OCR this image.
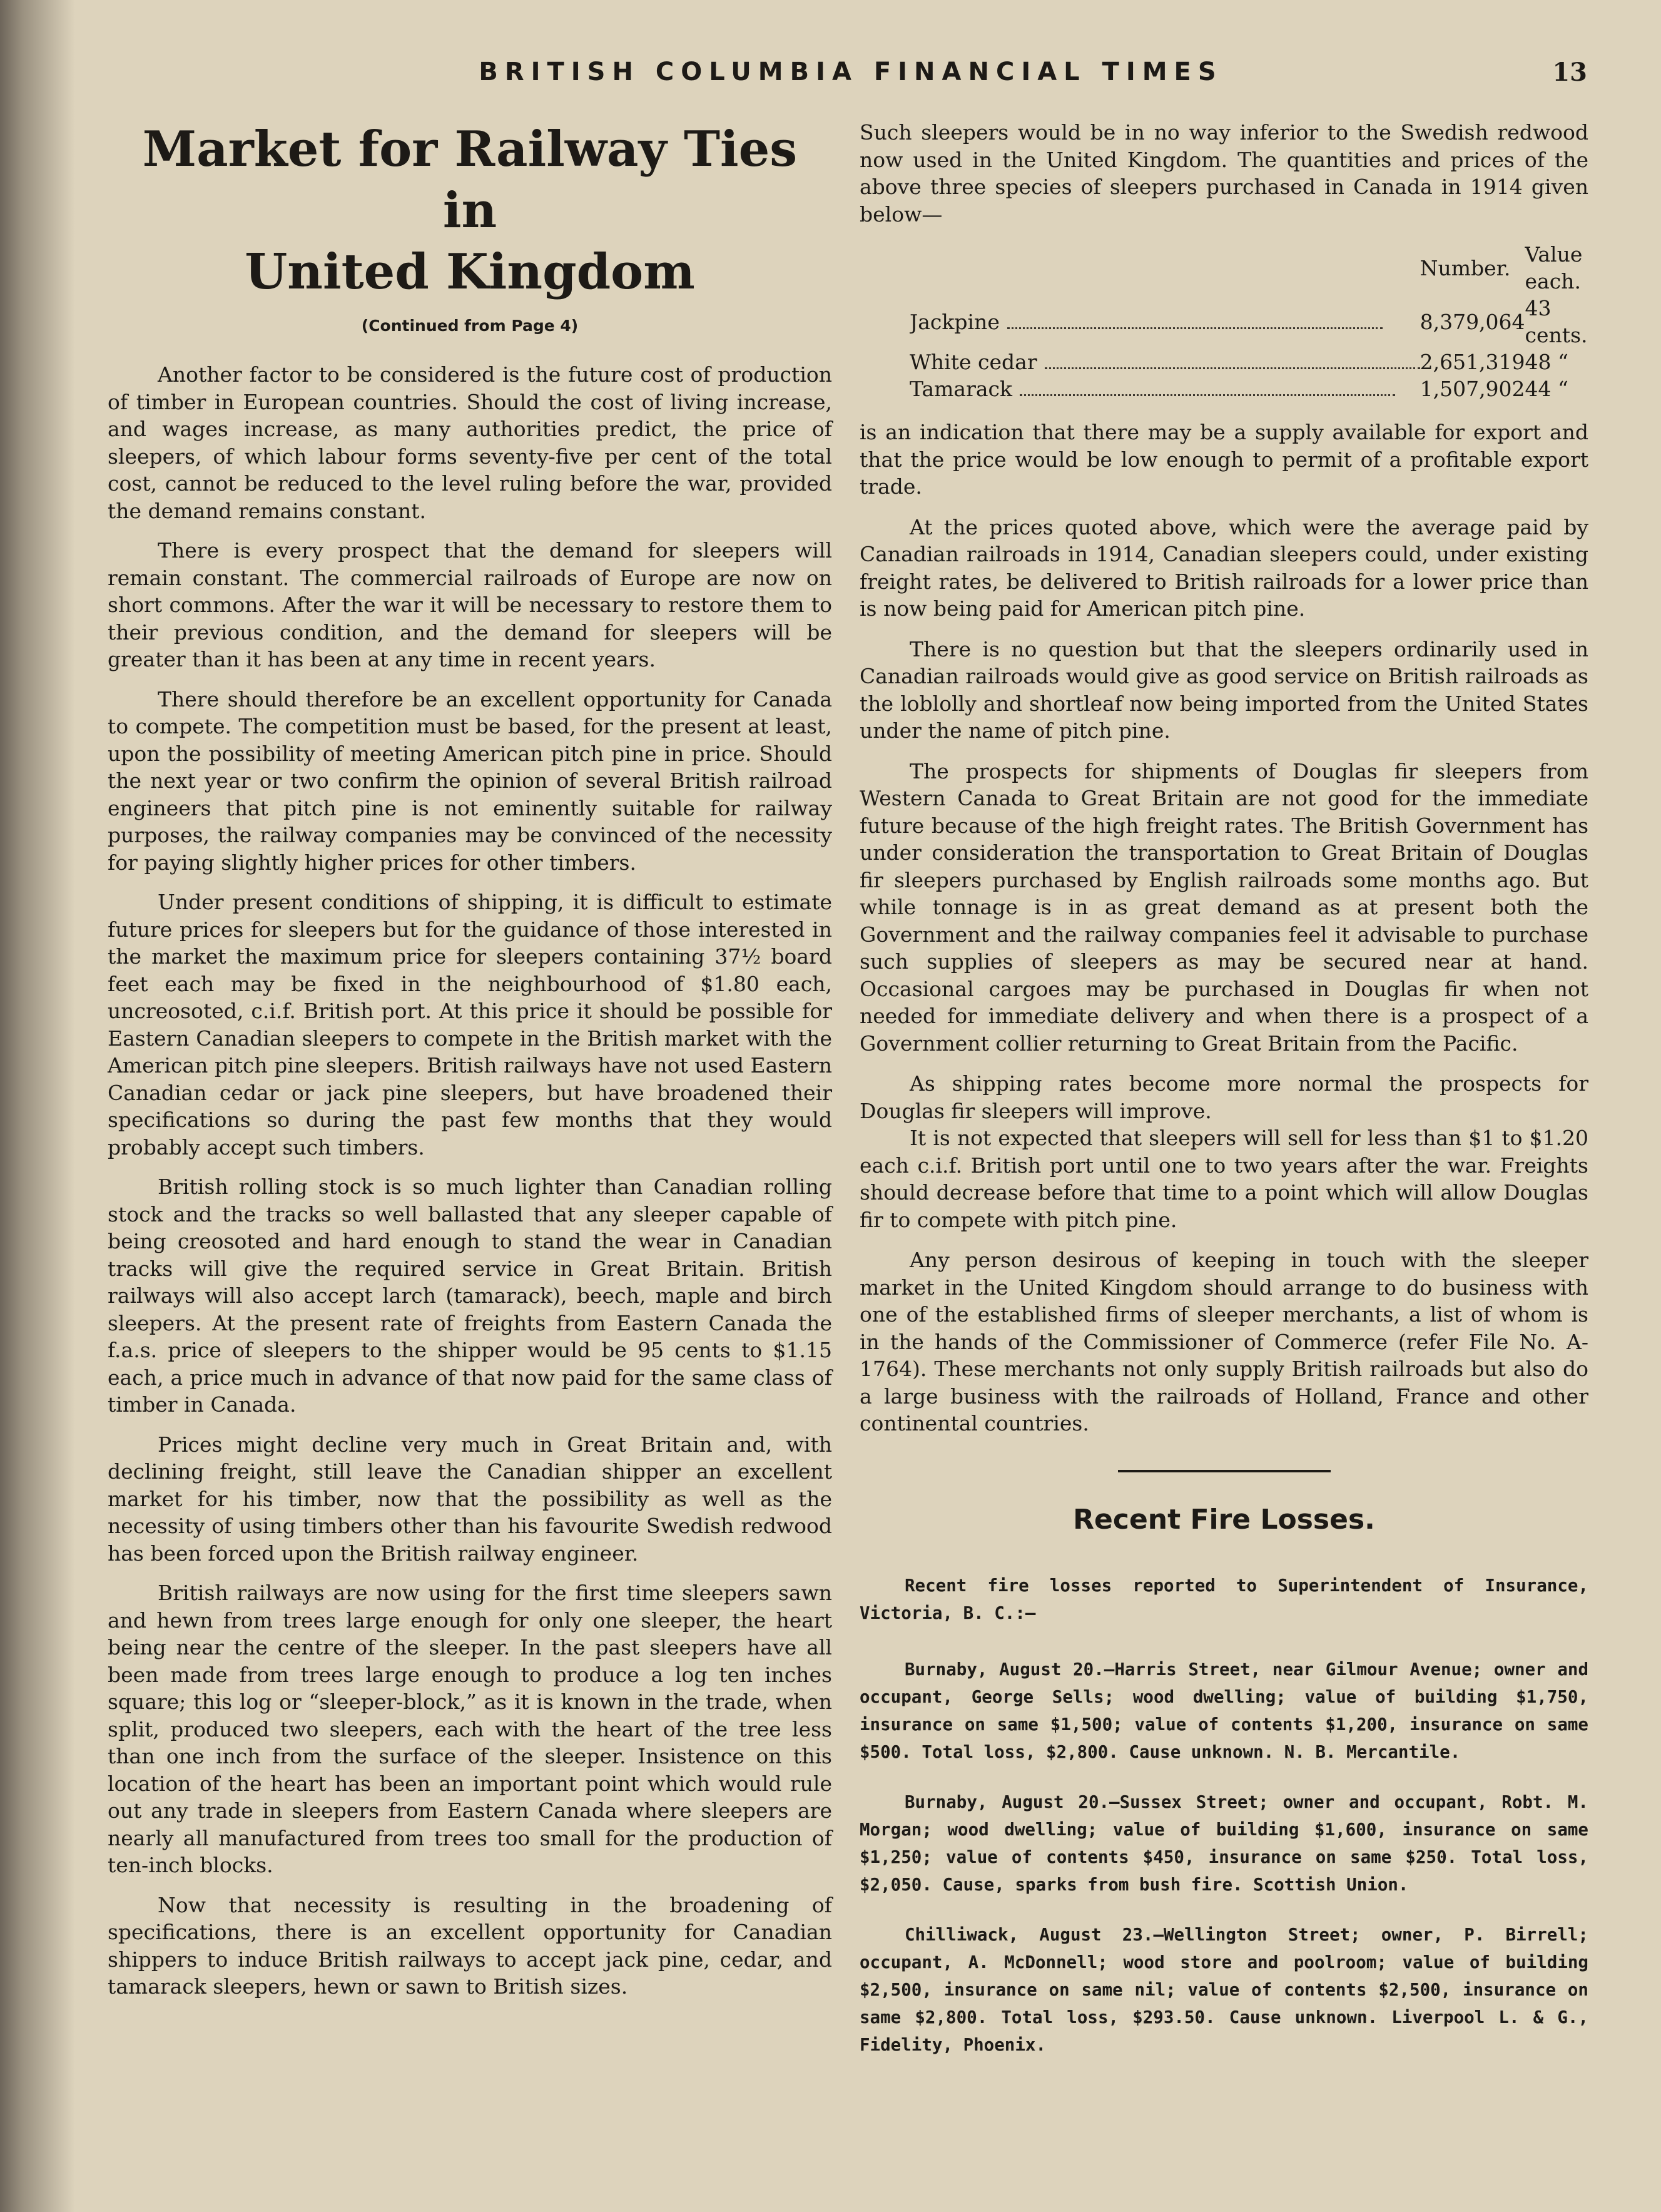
BRITISH COLUMBIA FINANCIAL TIMES	13
Market for Railway Ties in
United Kingdom
(Continued from Page 4)

Another factor to be considered is the future cost of production of timber in European countries. Should the cost of living increase, and wages increase, as many authorities predict, the price of sleepers, of which labour forms seventy-five per cent of the total cost, cannot be reduced to the level ruling before the war, provided the demand remains constant.

There is every prospect that the demand for sleepers will remain constant. The commercial railroads of Europe are now on short commons. After the war it will be necessary to restore them to their previous condition, and the demand for sleepers will be greater than it has been at any time in recent years.

There should therefore be an excellent opportunity for Canada to compete. The competition must be based, for the present at least, upon the possibility of meeting American pitch pine in price. Should the next year or two confirm the opinion of several British railroad engineers that pitch pine is not eminently suitable for railway purposes, the railway companies may be convinced of the necessity for paying slightly higher prices for other timbers.

Under present conditions of shipping, it is difficult to estimate future prices for sleepers but for the guidance of those interested in the market the maximum price for sleepers containing 37½ board feet each may be fixed in the neighbourhood of $1.80 each, uncreosoted, c.i.f. British port. At this price it should be possible for Eastern Canadian sleepers to compete in the British market with the American pitch pine sleepers. British railways have not used Eastern Canadian cedar or jack pine sleepers, but have broadened their specifications so during the past few months that they would probably accept such timbers.

British rolling stock is so much lighter than Canadian rolling stock and the tracks so well ballasted that any sleeper capable of being creosoted and hard enough to stand the wear in Canadian tracks will give the required service in Great Britain. British railways will also accept larch (tamarack), beech, maple and birch sleepers. At the present rate of freights from Eastern Canada the f.a.s. price of sleepers to the shipper would be 95 cents to $1.15 each, a price much in advance of that now paid for the same class of timber in Canada.

Prices might decline very much in Great Britain and, with declining freight, still leave the Canadian shipper an excellent market for his timber, now that the possibility as well as the necessity of using timbers other than his favourite Swedish redwood has been forced upon the British railway engineer.

British railways are now using for the first time sleepers sawn and hewn from trees large enough for only one sleeper, the heart being near the centre of the sleeper. In the past sleepers have all been made from trees large enough to produce a log ten inches square; this log or “sleeper-block,” as it is known in the trade, when split, produced two sleepers, each with the heart of the tree less than one inch from the surface of the sleeper. Insistence on this location of the heart has been an important point which would rule out any trade in sleepers from Eastern Canada where sleepers are nearly all manufactured from trees too small for the production of ten-inch blocks.

Now that necessity is resulting in the broadening of specifications, there is an excellent opportunity for Canadian shippers to induce British railways to accept jack pine, cedar, and tamarack sleepers, hewn or sawn to British sizes.

Such sleepers would be in no way inferior to the Swedish redwood now used in the United Kingdom. The quantities and prices of the above three species of sleepers purchased in Canada in 1914 given below—

	Number.	Value each.
Jackpine	8,379,064	43 cents.
White cedar	2,651,319	48 “
Tamarack	1,507,902	44 “

is an indication that there may be a supply available for export and that the price would be low enough to permit of a profitable export trade.

At the prices quoted above, which were the average paid by Canadian railroads in 1914, Canadian sleepers could, under existing freight rates, be delivered to British railroads for a lower price than is now being paid for American pitch pine.

There is no question but that the sleepers ordinarily used in Canadian railroads would give as good service on British railroads as the loblolly and shortleaf now being imported from the United States under the name of pitch pine.

The prospects for shipments of Douglas fir sleepers from Western Canada to Great Britain are not good for the immediate future because of the high freight rates. The British Government has under consideration the transportation to Great Britain of Douglas fir sleepers purchased by English railroads some months ago. But while tonnage is in as great demand as at present both the Government and the railway companies feel it advisable to purchase such supplies of sleepers as may be secured near at hand. Occasional cargoes may be purchased in Douglas fir when not needed for immediate delivery and when there is a prospect of a Government collier returning to Great Britain from the Pacific.

As shipping rates become more normal the prospects for Douglas fir sleepers will improve.

It is not expected that sleepers will sell for less than $1 to $1.20 each c.i.f. British port until one to two years after the war. Freights should decrease before that time to a point which will allow Douglas fir to compete with pitch pine.

Any person desirous of keeping in touch with the sleeper market in the United Kingdom should arrange to do business with one of the established firms of sleeper merchants, a list of whom is in the hands of the Commissioner of Commerce (refer File No. A-1764). These merchants not only supply British railroads but also do a large business with the railroads of Holland, France and other continental countries.

Recent Fire Losses.

Recent fire losses reported to Superintendent of Insurance, Victoria, B. C.:—

Burnaby, August 20.—Harris Street, near Gilmour Avenue; owner and occupant, George Sells; wood dwelling; value of building $1,750, insurance on same $1,500; value of contents $1,200, insurance on same $500. Total loss, $2,800. Cause unknown. N. B. Mercantile.

Burnaby, August 20.—Sussex Street; owner and occupant, Robt. M. Morgan; wood dwelling; value of building $1,600, insurance on same $1,250; value of contents $450, insurance on same $250. Total loss, $2,050. Cause, sparks from bush fire. Scottish Union.

Chilliwack, August 23.—Wellington Street; owner, P. Birrell; occupant, A. McDonnell; wood store and poolroom; value of building $2,500, insurance on same nil; value of contents $2,500, insurance on same $2,800. Total loss, $293.50. Cause unknown. Liverpool L. & G., Fidelity, Phoenix.
